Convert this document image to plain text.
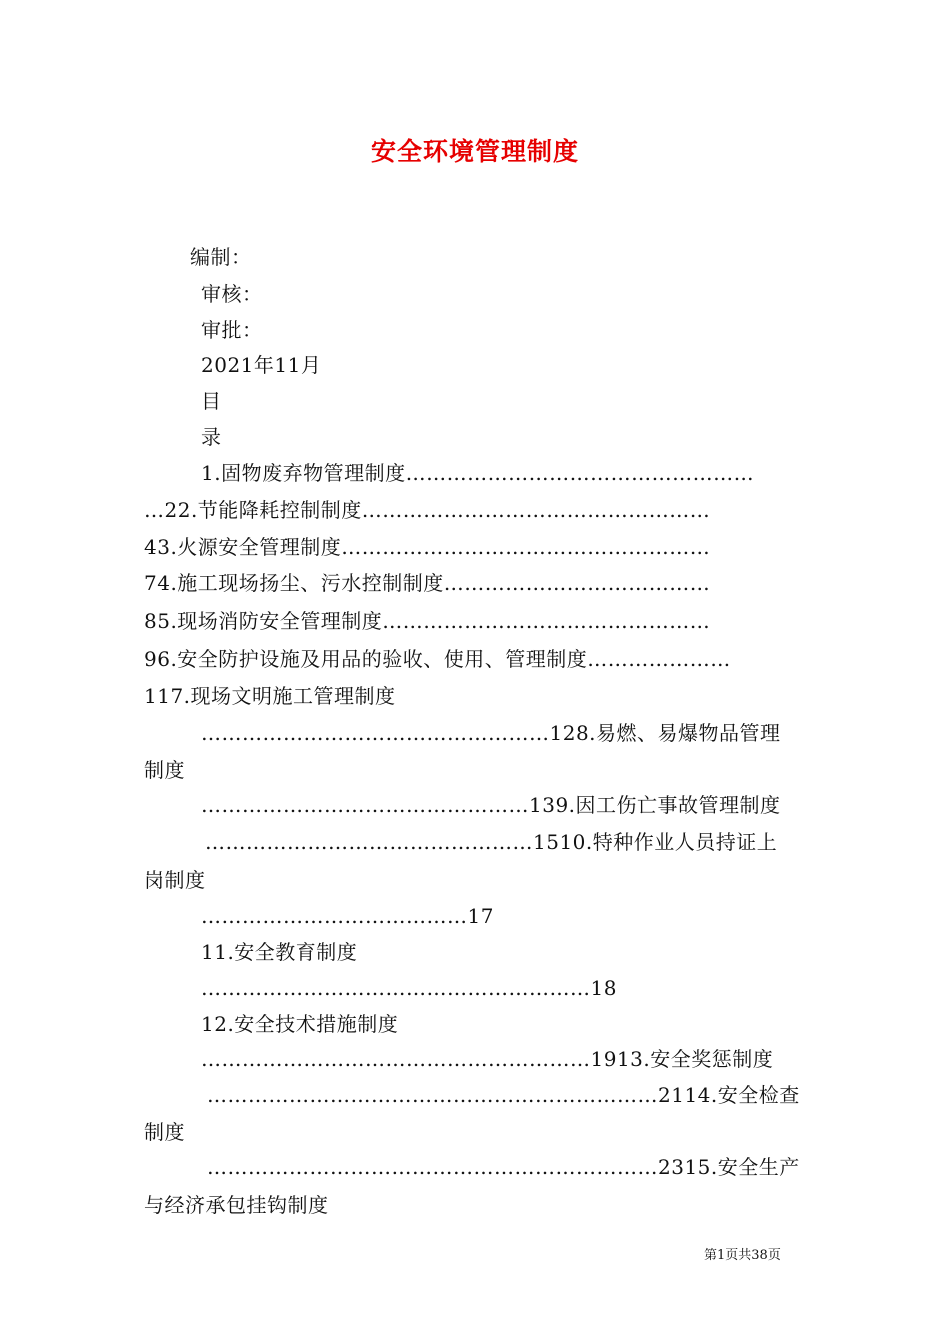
安全环境管理制度
编制：
审核：
审批：
2021年11月
目
录
1.固物废弃物管理制度……………………………………………
…22.节能降耗控制制度……………………………………………
43.火源安全管理制度………………………………………………
74.施工现场扬尘、污水控制制度…………………………………
85.现场消防安全管理制度…………………………………………
96.安全防护设施及用品的验收、使用、管理制度…………………
117.现场文明施工管理制度
……………………………………………128.易燃、易爆物品管理
制度
…………………………………………139.因工伤亡事故管理制度
…………………………………………1510.特种作业人员持证上
岗制度
…………………………………17
11.安全教育制度
…………………………………………………18
12.安全技术措施制度
…………………………………………………1913.安全奖惩制度
…………………………………………………………2114.安全检查
制度
…………………………………………………………2315.安全生产
与经济承包挂钩制度
第1页共38页
